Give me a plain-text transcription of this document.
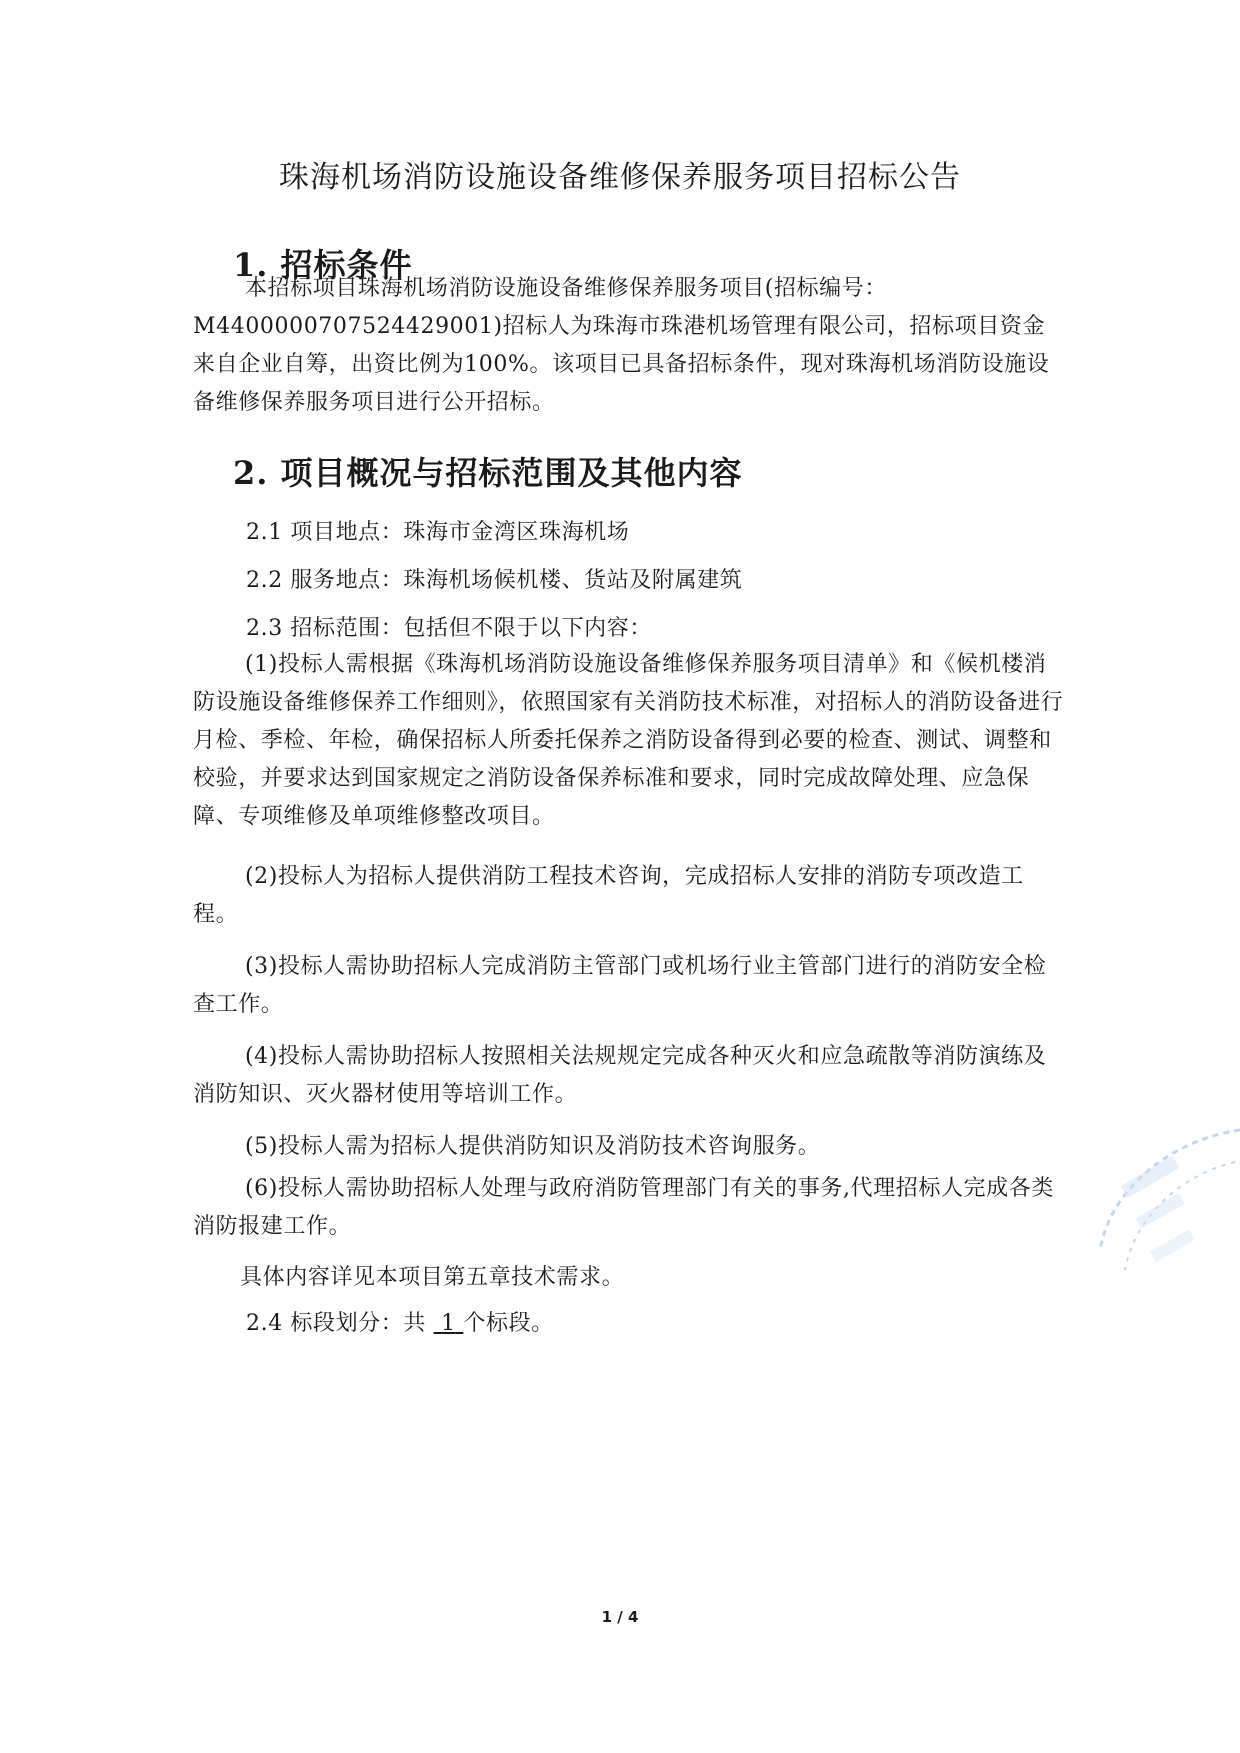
珠海机场消防设施设备维修保养服务项目招标公告
1. 招标条件

本招标项目珠海机场消防设施设备维修保养服务项目(招标编号：M4400000707524429001)招标人为珠海市珠港机场管理有限公司，招标项目资金来自企业自筹，出资比例为100%。该项目已具备招标条件，现对珠海机场消防设施设备维修保养服务项目进行公开招标。

2. 项目概况与招标范围及其他内容

2.1 项目地点：珠海市金湾区珠海机场

2.2 服务地点：珠海机场候机楼、货站及附属建筑

2.3 招标范围：包括但不限于以下内容：

(1)投标人需根据《珠海机场消防设施设备维修保养服务项目清单》和《候机楼消防设施设备维修保养工作细则》，依照国家有关消防技术标准，对招标人的消防设备进行月检、季检、年检，确保招标人所委托保养之消防设备得到必要的检查、测试、调整和校验，并要求达到国家规定之消防设备保养标准和要求，同时完成故障处理、应急保障、专项维修及单项维修整改项目。

(2)投标人为招标人提供消防工程技术咨询，完成招标人安排的消防专项改造工程。

(3)投标人需协助招标人完成消防主管部门或机场行业主管部门进行的消防安全检查工作。

(4)投标人需协助招标人按照相关法规规定完成各种灭火和应急疏散等消防演练及消防知识、灭火器材使用等培训工作。

(5)投标人需为招标人提供消防知识及消防技术咨询服务。

(6)投标人需协助招标人处理与政府消防管理部门有关的事务,代理招标人完成各类消防报建工作。

具体内容详见本项目第五章技术需求。

2.4 标段划分：共 1 个标段。

1 / 4
